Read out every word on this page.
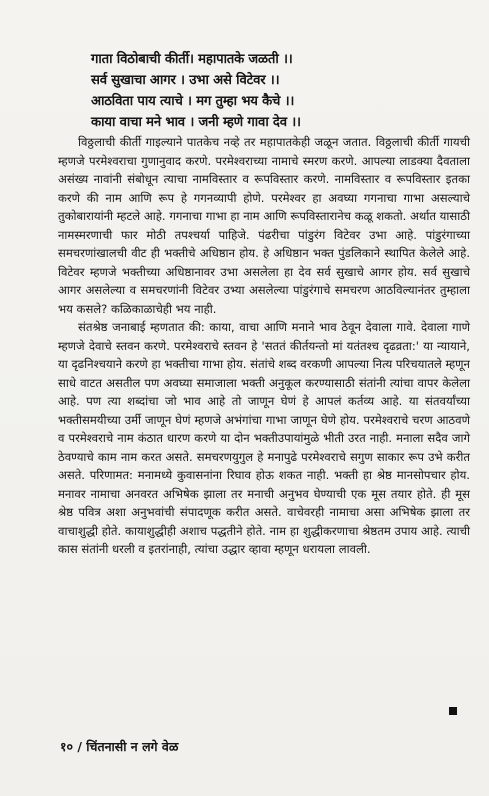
गाता विठोबाची कीर्ती। महापातके जळती ।।
सर्व सुखाचा आगर । उभा असे विटेवर ।।
आठविता पाय त्याचे । मग तुम्हा भय कैचे ।।
काया वाचा मने भाव । जनी म्हणे गावा देव ।।

विठ्ठलाची कीर्ती गाइल्याने पातकेच नव्हे तर महापातकेही जळून जतात. विठ्ठलाची कीर्ती गायची म्हणजे परमेश्वराचा गुणानुवाद करणे. परमेश्वराच्या नामाचे स्मरण करणे. आपल्या लाडक्या दैवताला असंख्य नावांनी संबोधून त्याचा नामविस्तार व रूपविस्तार करणे. नामविस्तार व रूपविस्तार इतका करणे की नाम आणि रूप हे गगनव्यापी होणे. परमेश्वर हा अवघ्या गगनाचा गाभा असल्याचे तुकोबारायांनी म्हटले आहे. गगनाचा गाभा हा नाम आणि रूपविस्तारानेच कळू शकतो. अर्थात यासाठी नामस्मरणाची फार मोठी तपश्चर्या पाहिजे. पंढरीचा पांडुरंग विटेवर उभा आहे. पांडुरंगाच्या समचरणांखालची वीट ही भक्तीचे अधिष्ठान होय. हे अधिष्ठान भक्त पुंडलिकाने स्थापित केलेले आहे. विटेवर म्हणजे भक्तीच्या अधिष्ठानावर उभा असलेला हा देव सर्व सुखाचे आगर होय. सर्व सुखाचे आगर असलेल्या व समचरणांनी विटेवर उभ्या असलेल्या पांडुरंगाचे समचरण आठविल्यानंतर तुम्हाला भय कसले? कळिकाळाचेही भय नाही.

संतश्रेष्ठ जनाबाई म्हणतात की: काया, वाचा आणि मनाने भाव ठेवून देवाला गावे. देवाला गाणे म्हणजे देवाचे स्तवन करणे. परमेश्वराचे स्तवन हे 'सततं कीर्तयन्तो मां यतंतश्च दृढव्रता:' या न्यायाने, या दृढनिश्चयाने करणे हा भक्तीचा गाभा होय. संतांचे शब्द वरकणी आपल्या नित्य परिचयातले म्हणून साधे वाटत असतील पण अवघ्या समाजाला भक्ती अनुकूल करण्यासाठी संतांनी त्यांचा वापर केलेला आहे. पण त्या शब्दांचा जो भाव आहे तो जाणून घेणं हे आपलं कर्तव्य आहे. या संतवर्यांच्या भक्तीसमयीच्या उर्मी जाणून घेणं म्हणजे अभंगांचा गाभा जाणून घेणे होय. परमेश्वराचे चरण आठवणे व परमेश्वराचे नाम कंठात धारण करणे या दोन भक्तीउपायांमुळे भीती उरत नाही. मनाला सदैव जागे ठेवण्याचे काम नाम करत असते. समचरणयुगुल हे मनापुढे परमेश्वराचे सगुण साकार रूप उभे करीत असते. परिणामत: मनामध्ये कुवासनांना रिघाव होऊ शकत नाही. भक्ती हा श्रेष्ठ मानसोपचार होय. मनावर नामाचा अनवरत अभिषेक झाला तर मनाची अनुभव घेण्याची एक मूस तयार होते. ही मूस श्रेष्ठ पवित्र अशा अनुभवांची संपादणूक करीत असते. वाचेवरही नामाचा असा अभिषेक झाला तर वाचाशुद्धी होते. कायाशुद्धीही अशाच पद्धतीने होते. नाम हा शुद्धीकरणाचा श्रेष्ठतम उपाय आहे. त्याची कास संतांनी धरली व इतरांनाही, त्यांचा उद्धार व्हावा म्हणून धरायला लावली.

१० / चिंतनासी न लगे वेळ
